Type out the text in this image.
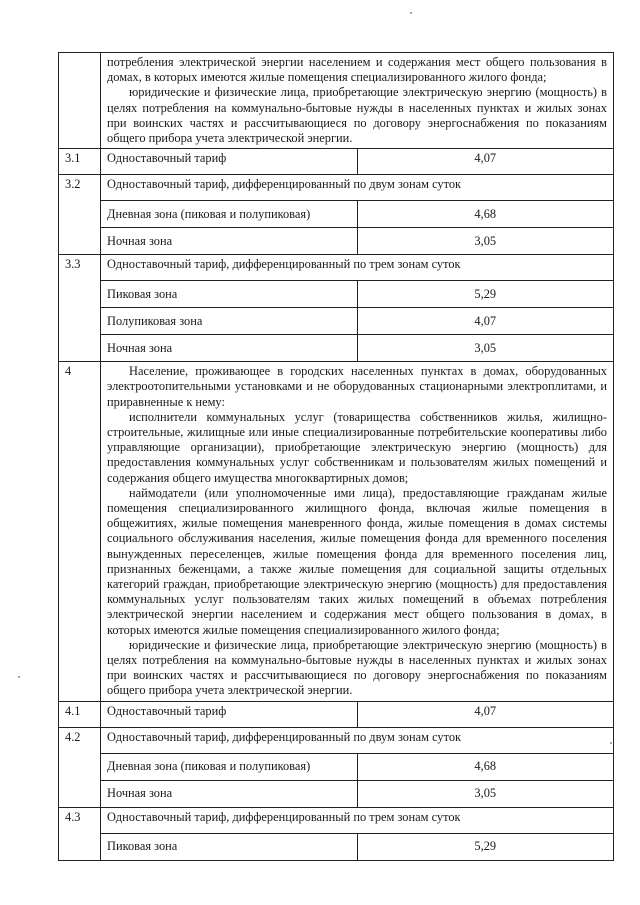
	потребления электрической энергии населением и содержания мест общего пользования в домах, в которых имеются жилые помещения специализированного жилого фонда;

юридические и физические лица, приобретающие электрическую энергию (мощность) в целях потребления на коммунально-бытовые нужды в населенных пунктах и жилых зонах при воинских частях и рассчитывающиеся по договору энергоснабжения по показаниям общего прибора учета электрической энергии.	

3.1	Одноставочный тариф	4,07
3.2	Одноставочный тариф, дифференцированный по двум зонам суток	
	Дневная зона (пиковая и полупиковая)	4,68
	Ночная зона	3,05
3.3	Одноставочный тариф, дифференцированный по трем зонам суток	
	Пиковая зона	5,29
	Полупиковая зона	4,07
	Ночная зона	3,05
4	Население, проживающее в городских населенных пунктах в домах, оборудованных электроотопительными установками и не оборудованных стационарными электроплитами, и приравненные к нему:

исполнители коммунальных услуг (товарищества собственников жилья, жилищно-строительные, жилищные или иные специализированные потребительские кооперативы либо управляющие организации), приобретающие электрическую энергию (мощность) для предоставления коммунальных услуг собственникам и пользователям жилых помещений и содержания общего имущества многоквартирных домов;

наймодатели (или уполномоченные ими лица), предоставляющие гражданам жилые помещения специализированного жилищного фонда, включая жилые помещения в общежитиях, жилые помещения маневренного фонда, жилые помещения в домах системы социального обслуживания населения, жилые помещения фонда для временного поселения вынужденных переселенцев, жилые помещения фонда для временного поселения лиц, признанных беженцами, а также жилые помещения для социальной защиты отдельных категорий граждан, приобретающие электрическую энергию (мощность) для предоставления коммунальных услуг пользователям таких жилых помещений в объемах потребления электрической энергии населением и содержания мест общего пользования в домах, в которых имеются жилые помещения специализированного жилого фонда;

юридические и физические лица, приобретающие электрическую энергию (мощность) в целях потребления на коммунально-бытовые нужды в населенных пунктах и жилых зонах при воинских частях и рассчитывающиеся по договору энергоснабжения по показаниям общего прибора учета электрической энергии.	

4.1	Одноставочный тариф	4,07
4.2	Одноставочный тариф, дифференцированный по двум зонам суток	
	Дневная зона (пиковая и полупиковая)	4,68
	Ночная зона	3,05
4.3	Одноставочный тариф, дифференцированный по трем зонам суток	
	Пиковая зона	5,29
